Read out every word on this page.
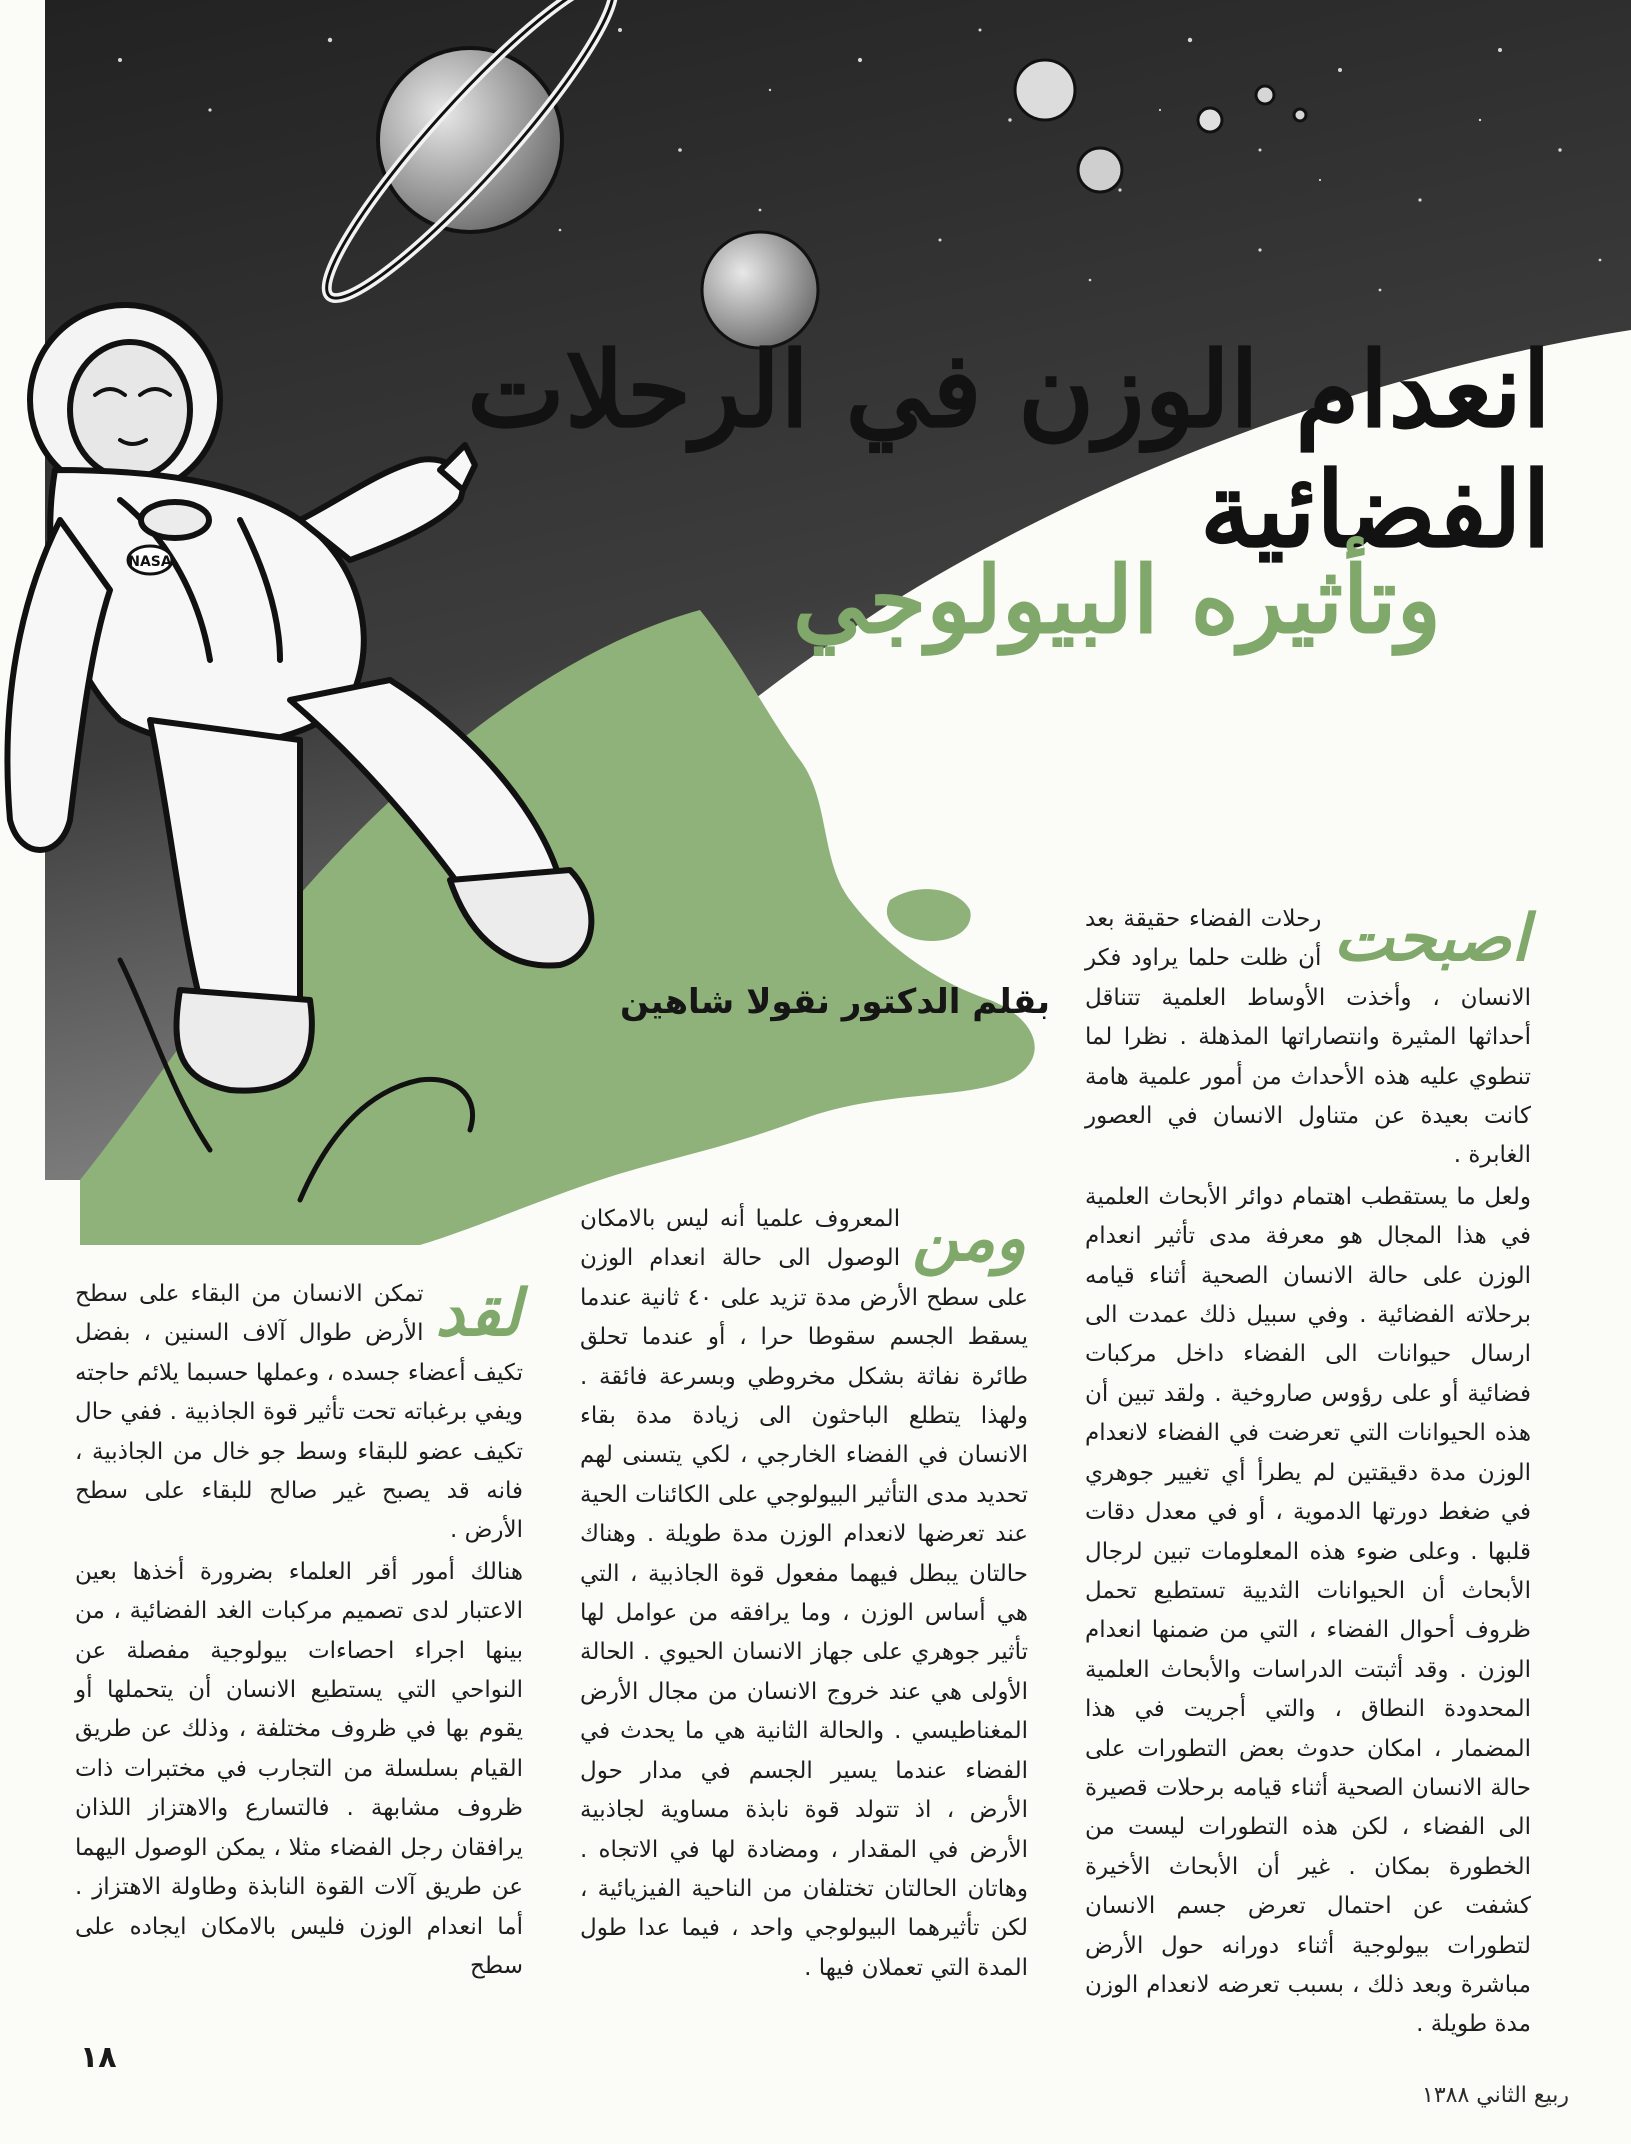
NASA
انعدام الوزن في الرحلات الفضائية
وتأثيره البيولوجي
بقلم الدكتور نقولا شاهين
اصبحت

رحلات الفضاء حقيقة بعد أن ظلت حلما يراود فكر الانسان ، وأخذت الأوساط العلمية تتناقل أحداثها المثيرة وانتصاراتها المذهلة . نظرا لما تنطوي عليه هذه الأحداث من أمور علمية هامة كانت بعيدة عن متناول الانسان في العصور الغابرة .

ولعل ما يستقطب اهتمام دوائر الأبحاث العلمية في هذا المجال هو معرفة مدى تأثير انعدام الوزن على حالة الانسان الصحية أثناء قيامه برحلاته الفضائية . وفي سبيل ذلك عمدت الى ارسال حيوانات الى الفضاء داخل مركبات فضائية أو على رؤوس صاروخية . ولقد تبين أن هذه الحيوانات التي تعرضت في الفضاء لانعدام الوزن مدة دقيقتين لم يطرأ أي تغيير جوهري في ضغط دورتها الدموية ، أو في معدل دقات قلبها . وعلى ضوء هذه المعلومات تبين لرجال الأبحاث أن الحيوانات الثديية تستطيع تحمل ظروف أحوال الفضاء ، التي من ضمنها انعدام الوزن . وقد أثبتت الدراسات والأبحاث العلمية المحدودة النطاق ، والتي أجريت في هذا المضمار ، امكان حدوث بعض التطورات على حالة الانسان الصحية أثناء قيامه برحلات قصيرة الى الفضاء ، لكن هذه التطورات ليست من الخطورة بمكان . غير أن الأبحاث الأخيرة كشفت عن احتمال تعرض جسم الانسان لتطورات بيولوجية أثناء دورانه حول الأرض مباشرة وبعد ذلك ، بسبب تعرضه لانعدام الوزن مدة طويلة .

ومن

المعروف علميا أنه ليس بالامكان الوصول الى حالة انعدام الوزن على سطح الأرض مدة تزيد على ٤٠ ثانية عندما يسقط الجسم سقوطا حرا ، أو عندما تحلق طائرة نفاثة بشكل مخروطي وبسرعة فائقة . ولهذا يتطلع الباحثون الى زيادة مدة بقاء الانسان في الفضاء الخارجي ، لكي يتسنى لهم تحديد مدى التأثير البيولوجي على الكائنات الحية عند تعرضها لانعدام الوزن مدة طويلة . وهناك حالتان يبطل فيهما مفعول قوة الجاذبية ، التي هي أساس الوزن ، وما يرافقه من عوامل لها تأثير جوهري على جهاز الانسان الحيوي . الحالة الأولى هي عند خروج الانسان من مجال الأرض المغناطيسي . والحالة الثانية هي ما يحدث في الفضاء عندما يسير الجسم في مدار حول الأرض ، اذ تتولد قوة نابذة مساوية لجاذبية الأرض في المقدار ، ومضادة لها في الاتجاه . وهاتان الحالتان تختلفان من الناحية الفيزيائية ، لكن تأثيرهما البيولوجي واحد ، فيما عدا طول المدة التي تعملان فيها .

لقد

تمكن الانسان من البقاء على سطح الأرض طوال آلاف السنين ، بفضل تكيف أعضاء جسده ، وعملها حسبما يلائم حاجته ويفي برغباته تحت تأثير قوة الجاذبية . ففي حال تكيف عضو للبقاء وسط جو خال من الجاذبية ، فانه قد يصبح غير صالح للبقاء على سطح الأرض .

هنالك أمور أقر العلماء بضرورة أخذها بعين الاعتبار لدى تصميم مركبات الغد الفضائية ، من بينها اجراء احصاءات بيولوجية مفصلة عن النواحي التي يستطيع الانسان أن يتحملها أو يقوم بها في ظروف مختلفة ، وذلك عن طريق القيام بسلسلة من التجارب في مختبرات ذات ظروف مشابهة . فالتسارع والاهتزاز اللذان يرافقان رجل الفضاء مثلا ، يمكن الوصول اليهما عن طريق آلات القوة النابذة وطاولة الاهتزاز . أما انعدام الوزن فليس بالامكان ايجاده على سطح

١٨
ربيع الثاني ١٣٨٨
